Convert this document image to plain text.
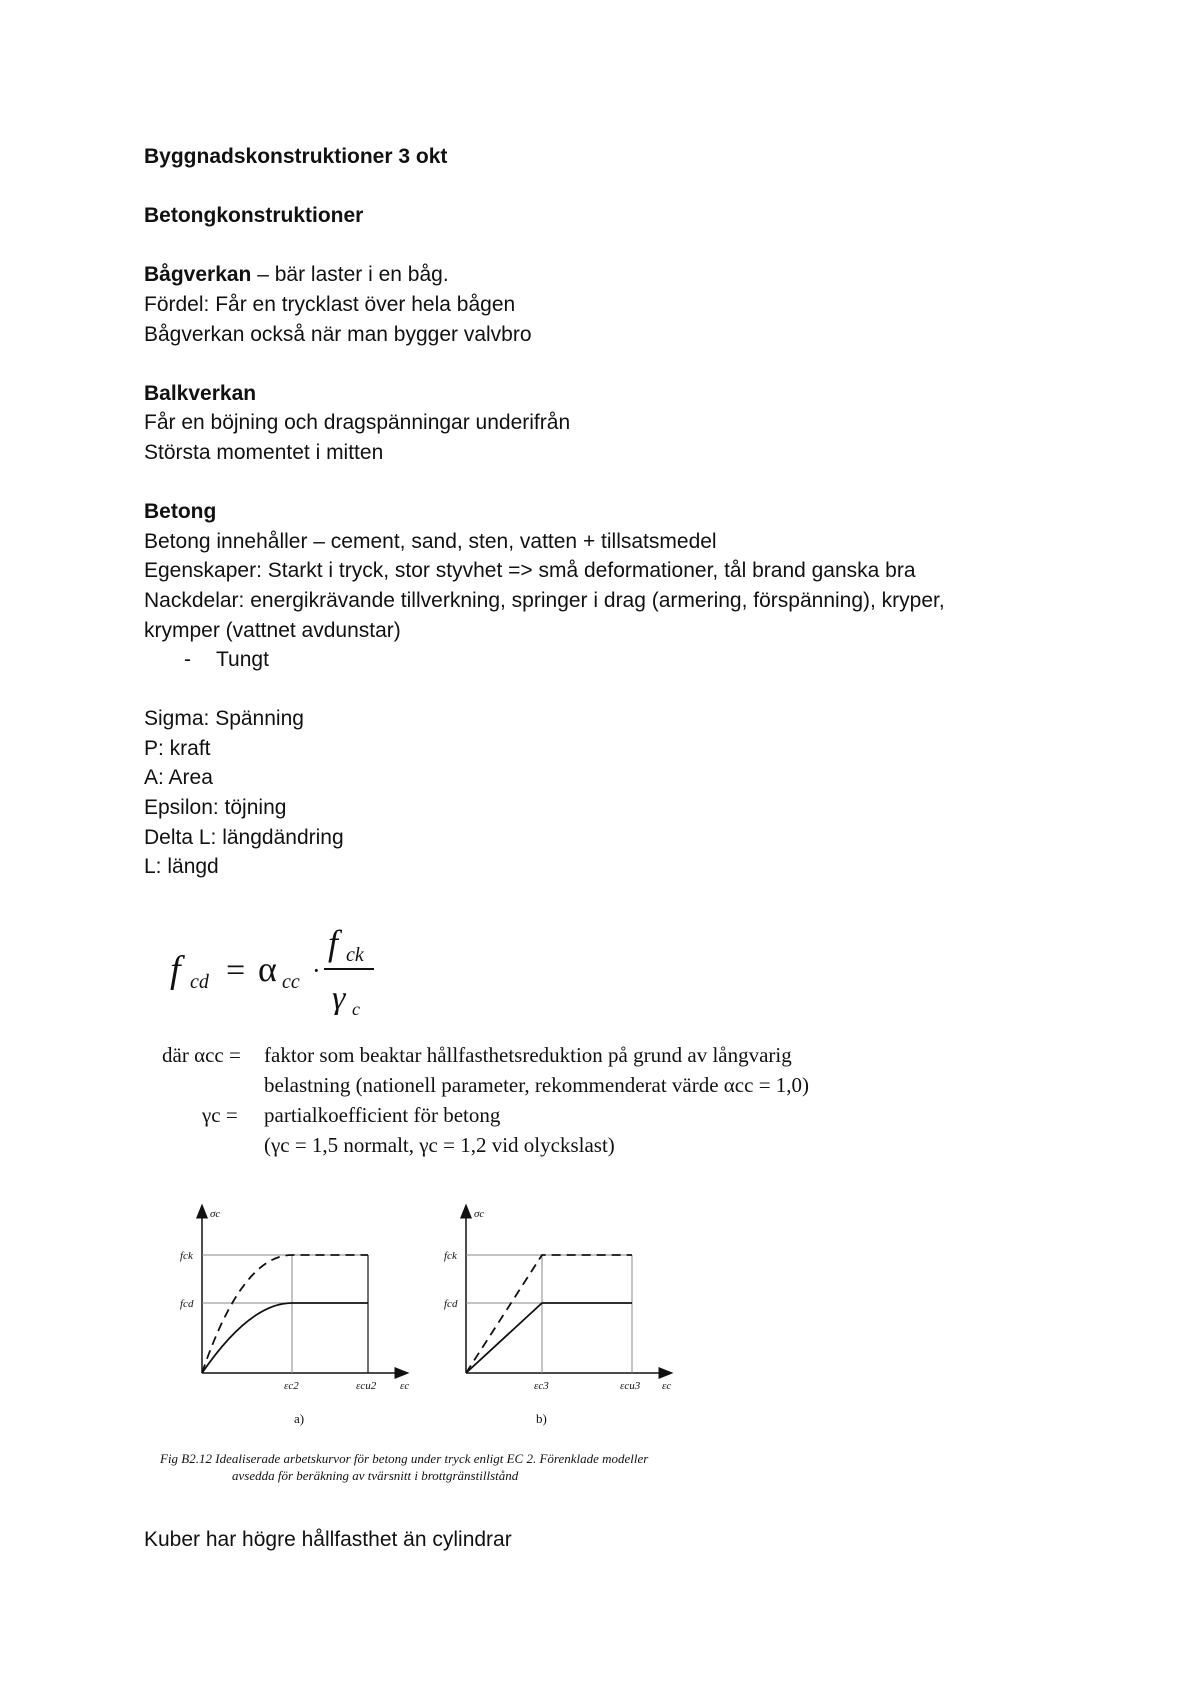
Byggnadskonstruktioner 3 okt

Betongkonstruktioner

Bågverkan – bär laster i en båg.

Fördel: Får en trycklast över hela bågen

Bågverkan också när man bygger valvbro

Balkverkan

Får en böjning och dragspänningar underifrån

Största momentet i mitten

Betong

Betong innehåller – cement, sand, sten, vatten + tillsatsmedel

Egenskaper: Starkt i tryck, stor styvhet => små deformationer, tål brand ganska bra

Nackdelar: energikrävande tillverkning, springer i drag (armering, förspänning), kryper,

krymper (vattnet avdunstar)

- Tungt

Sigma: Spänning

P: kraft

A: Area

Epsilon: töjning

Delta L: längdändring

L: längd

f cd = α cc ·
f ck
γ c
där αcc = faktor som beaktar hållfasthetsreduktion på grund av långvarig
belastning (nationell parameter, rekommenderat värde αcc = 1,0)
γc = partialkoefficient för betong
(γc = 1,5 normalt, γc = 1,2 vid olyckslast)
σc
fck
fcd
εc2	εcu2 εc
a)
σc
fck
fcd
εc3	εcu3 εc
b)
Fig B2.12 Idealiserade arbetskurvor för betong under tryck enligt EC 2. Förenklade modeller
avsedda för beräkning av tvärsnitt i brottgränstillstånd
Kuber har högre hållfasthet än cylindrar
